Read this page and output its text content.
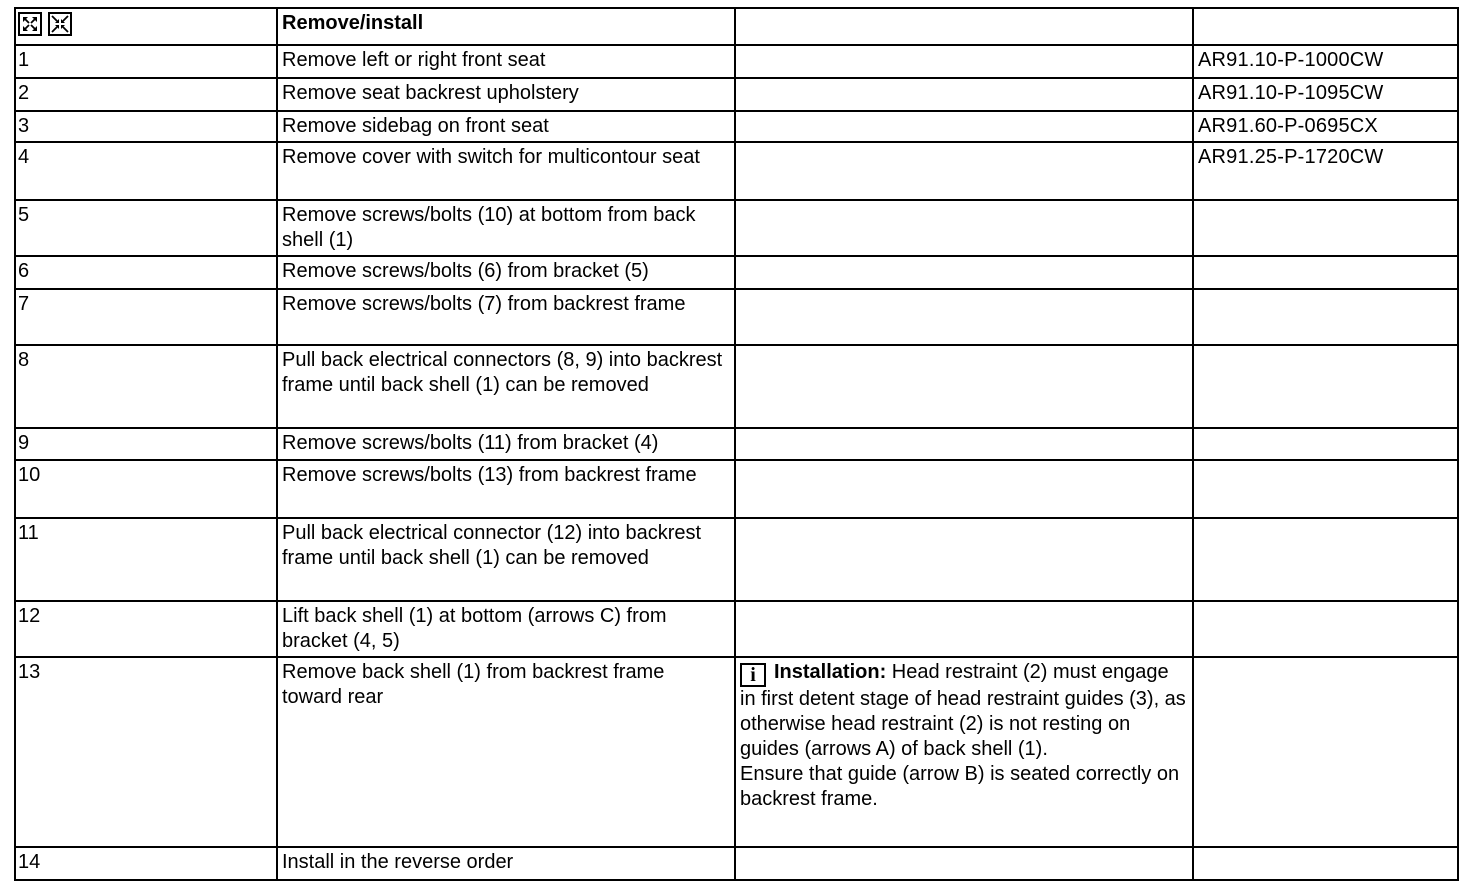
	Remove/install		
1	Remove left or right front seat		AR91.10-P-1000CW
2	Remove seat backrest upholstery		AR91.10-P-1095CW
3	Remove sidebag on front seat		AR91.60-P-0695CX
4	Remove cover with switch for multicontour seat		AR91.25-P-1720CW
5	Remove screws/bolts (10) at bottom from back shell (1)		
6	Remove screws/bolts (6) from bracket (5)		
7	Remove screws/bolts (7) from backrest frame		
8	Pull back electrical connectors (8, 9) into backrest frame until back shell (1) can be removed		
9	Remove screws/bolts (11) from bracket (4)		
10	Remove screws/bolts (13) from backrest frame		
11	Pull back electrical connector (12) into backrest frame until back shell (1) can be removed		
12	Lift back shell (1) at bottom (arrows C) from bracket (4, 5)		
13	Remove back shell (1) from backrest frame toward rear	i Installation: Head restraint (2) must engage in first detent stage of head restraint guides (3), as otherwise head restraint (2) is not resting on guides (arrows A) of back shell (1).
Ensure that guide (arrow B) is seated correctly on backrest frame.	
14	Install in the reverse order		
